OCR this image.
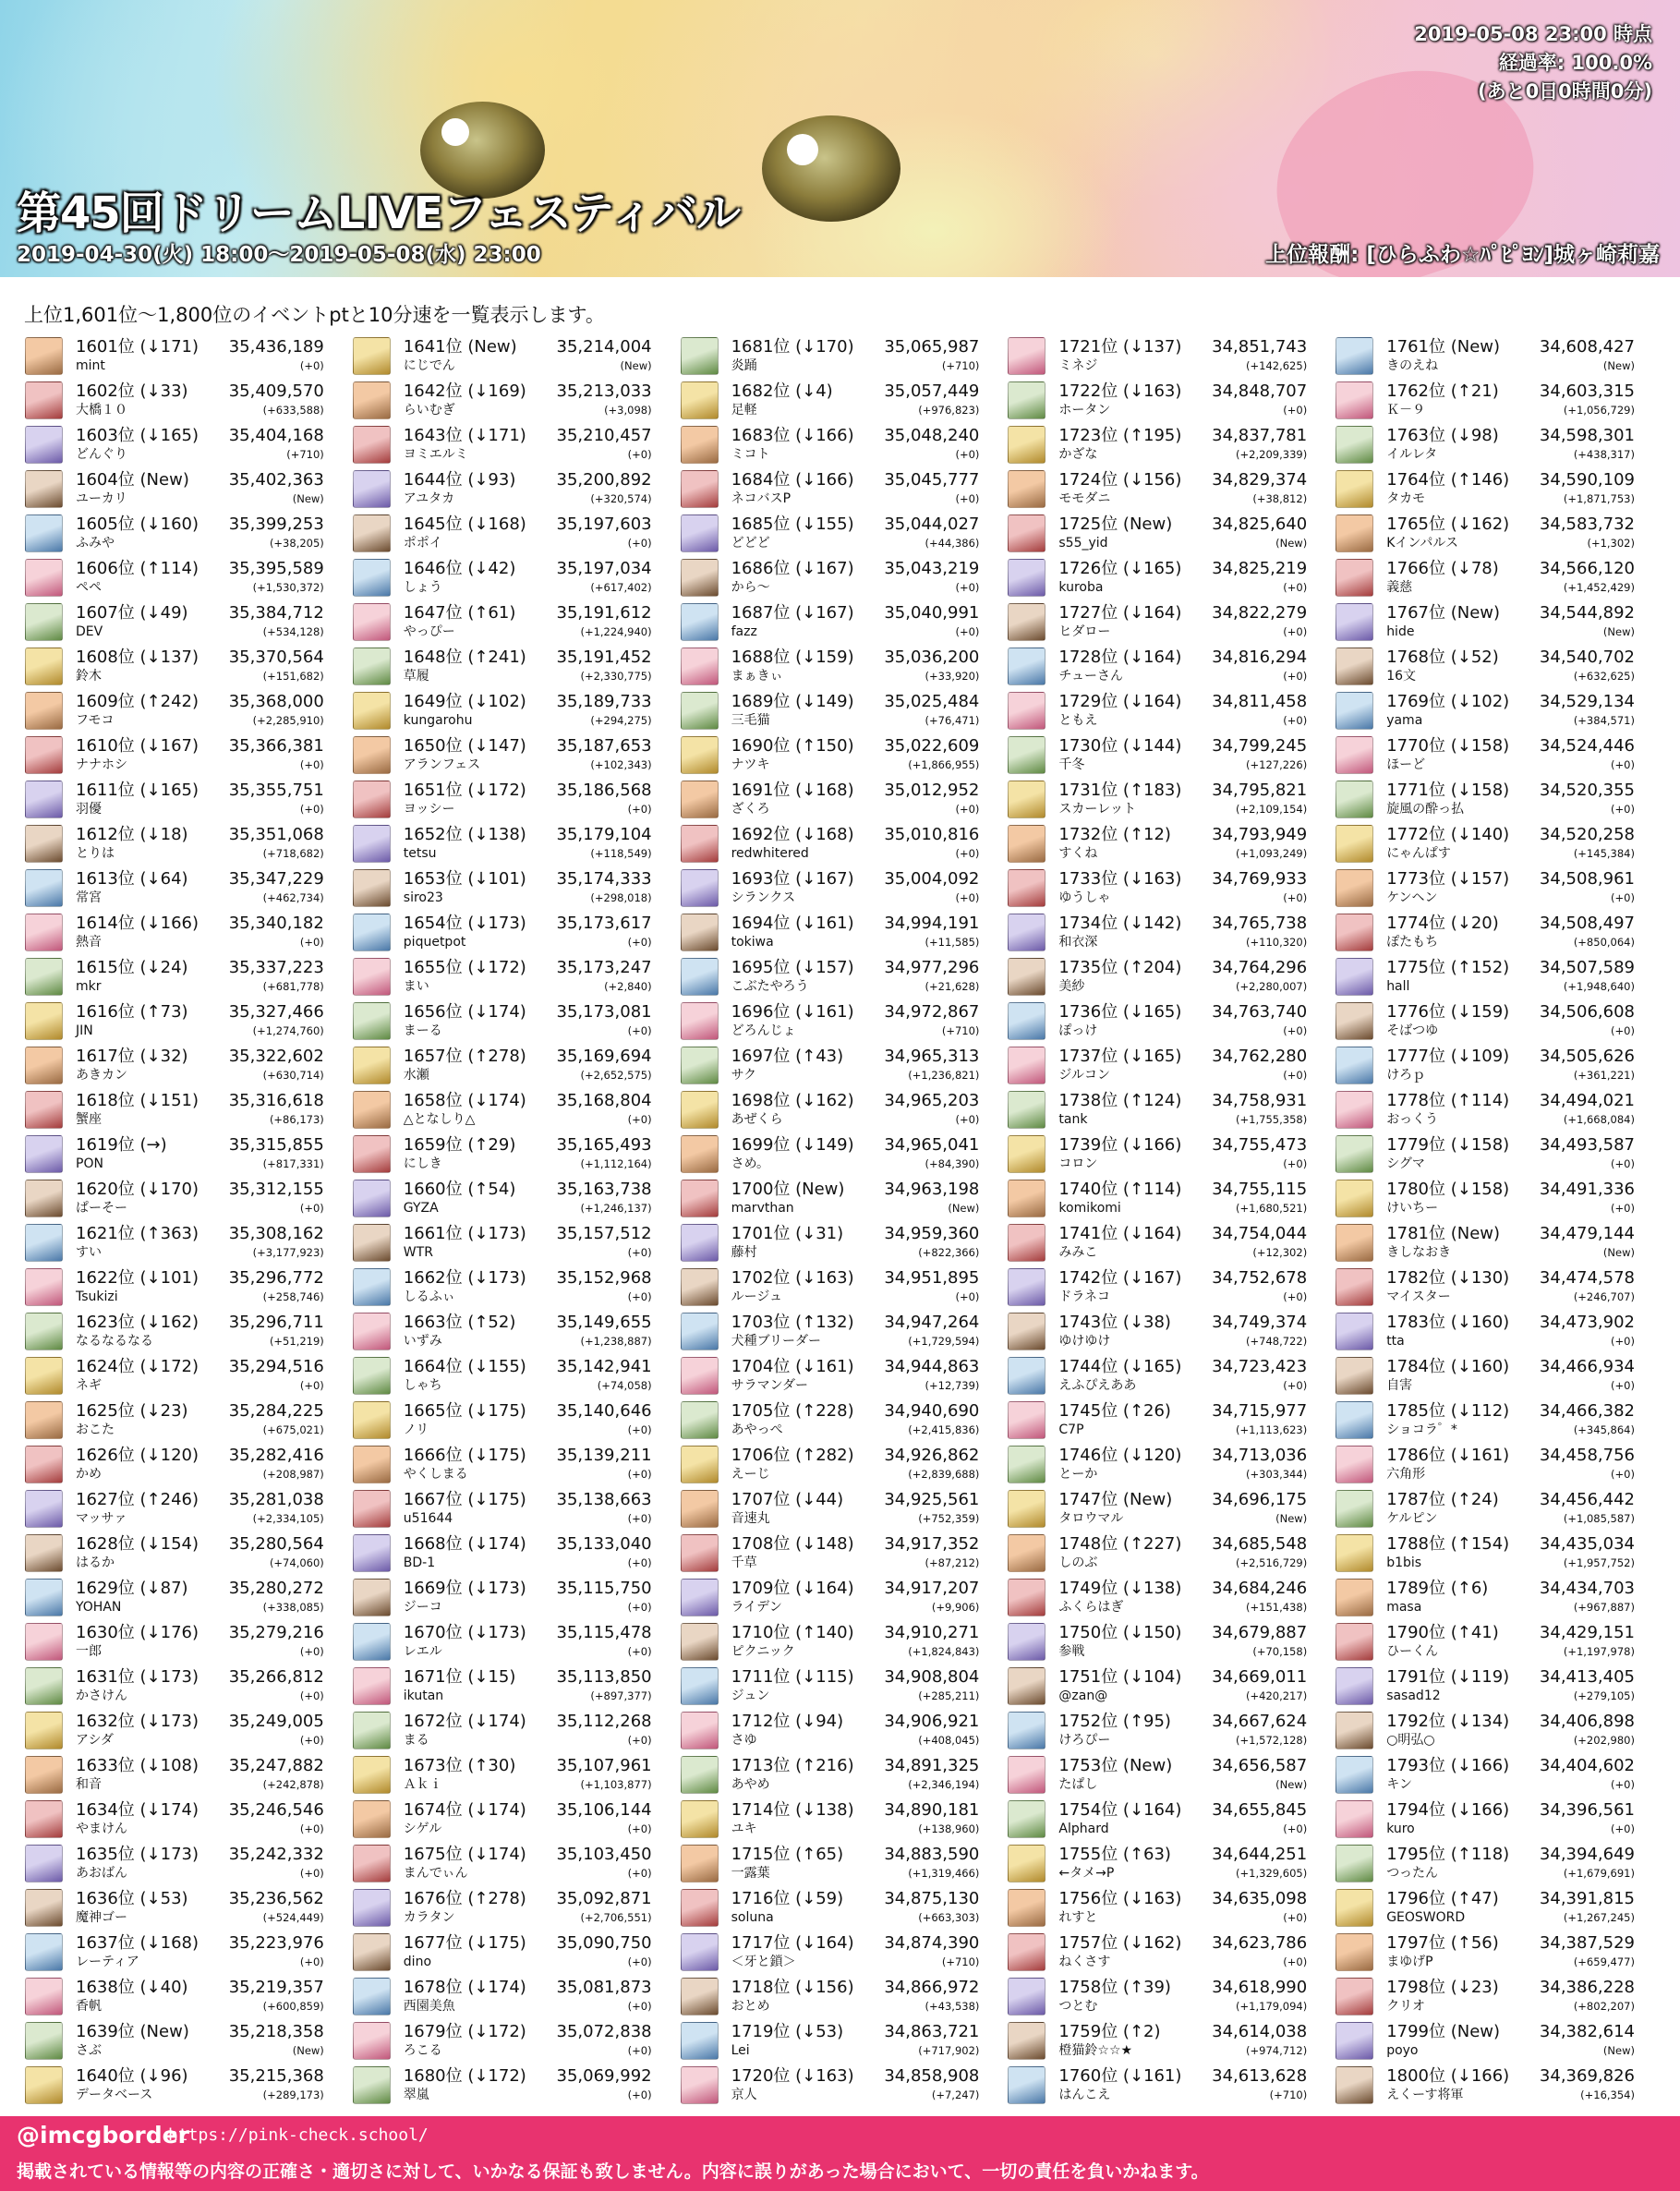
2019-05-08 23:00 時点
経過率: 100.0%
(あと0日0時間0分)
第45回ドリームLIVEフェスティバル
2019-04-30(火) 18:00～2019-05-08(水) 23:00	上位報酬: [ひらふわ☆ﾊﾟﾋﾟﾖﾝ]城ヶ崎莉嘉
上位1,601位～1,800位のイベントptと10分速を一覧表示します。
1601位 (↓171) 35,436,189
mint	(+0)
1602位 (↓33) 35,409,570
大橋１０	(+633,588)
1603位 (↓165) 35,404,168
どんぐり	(+710)
1604位 (New) 35,402,363
ユーカリ	(New)
1605位 (↓160) 35,399,253
ふみや	(+38,205)
1606位 (↑114) 35,395,589
ペペ	(+1,530,372)
1607位 (↓49) 35,384,712
DEV	(+534,128)
1608位 (↓137) 35,370,564
鈴木	(+151,682)
1609位 (↑242) 35,368,000
フモコ	(+2,285,910)
1610位 (↓167) 35,366,381
ナナホシ	(+0)
1611位 (↓165) 35,355,751
羽優	(+0)
1612位 (↓18) 35,351,068
とりは	(+718,682)
1613位 (↓64) 35,347,229
常宮	(+462,734)
1614位 (↓166) 35,340,182
熱音	(+0)
1615位 (↓24) 35,337,223
mkr	(+681,778)
1616位 (↑73) 35,327,466
JIN	(+1,274,760)
1617位 (↓32) 35,322,602
あきカン	(+630,714)
1618位 (↓151) 35,316,618
蟹座	(+86,173)
1619位 (→)	35,315,855
PON	(+817,331)
1620位 (↓170) 35,312,155
ぱーそー	(+0)
1621位 (↑363) 35,308,162
すい	(+3,177,923)
1622位 (↓101) 35,296,772
Tsukizi	(+258,746)
1623位 (↓162) 35,296,711
なるなるなる	(+51,219)
1624位 (↓172) 35,294,516
ネギ	(+0)
1625位 (↓23) 35,284,225
おこた	(+675,021)
1626位 (↓120) 35,282,416
かめ	(+208,987)
1627位 (↑246) 35,281,038
マッサァ	(+2,334,105)
1628位 (↓154) 35,280,564
はるか	(+74,060)
1629位 (↓87) 35,280,272
YOHAN	(+338,085)
1630位 (↓176) 35,279,216
一郎	(+0)
1631位 (↓173) 35,266,812
かさけん	(+0)
1632位 (↓173) 35,249,005
アシダ	(+0)
1633位 (↓108) 35,247,882
和音	(+242,878)
1634位 (↓174) 35,246,546
やまけん	(+0)
1635位 (↓173) 35,242,332
あおばん	(+0)
1636位 (↓53) 35,236,562
魔神ゴー	(+524,449)
1637位 (↓168) 35,223,976
レーティア	(+0)
1638位 (↓40) 35,219,357
香帆	(+600,859)
1639位 (New) 35,218,358
さぶ	(New)
1640位 (↓96) 35,215,368
データベース	(+289,173)
1641位 (New) 35,214,004
にじでん	(New)
1642位 (↓169) 35,213,033
らいむぎ	(+3,098)
1643位 (↓171) 35,210,457
ヨミエルミ	(+0)
1644位 (↓93) 35,200,892
アユタカ	(+320,574)
1645位 (↓168) 35,197,603
ポポイ	(+0)
1646位 (↓42) 35,197,034
しょう	(+617,402)
1647位 (↑61) 35,191,612
やっぴー	(+1,224,940)
1648位 (↑241) 35,191,452
草履	(+2,330,775)
1649位 (↓102) 35,189,733
kungarohu	(+294,275)
1650位 (↓147) 35,187,653
アランフェス	(+102,343)
1651位 (↓172) 35,186,568
ヨッシー	(+0)
1652位 (↓138) 35,179,104
tetsu	(+118,549)
1653位 (↓101) 35,174,333
siro23	(+298,018)
1654位 (↓173) 35,173,617
piquetpot	(+0)
1655位 (↓172) 35,173,247
まい	(+2,840)
1656位 (↓174) 35,173,081
まーる	(+0)
1657位 (↑278) 35,169,694
水瀬	(+2,652,575)
1658位 (↓174) 35,168,804
△となしり△	(+0)
1659位 (↑29) 35,165,493
にしき	(+1,112,164)
1660位 (↑54) 35,163,738
GYZA	(+1,246,137)
1661位 (↓173) 35,157,512
WTR	(+0)
1662位 (↓173) 35,152,968
しるふぃ	(+0)
1663位 (↑52) 35,149,655
いずみ	(+1,238,887)
1664位 (↓155) 35,142,941
しゃち	(+74,058)
1665位 (↓175) 35,140,646
ノリ	(+0)
1666位 (↓175) 35,139,211
やくしまる	(+0)
1667位 (↓175) 35,138,663
u51644	(+0)
1668位 (↓174) 35,133,040
BD-1	(+0)
1669位 (↓173) 35,115,750
ジーコ	(+0)
1670位 (↓173) 35,115,478
レエル	(+0)
1671位 (↓15) 35,113,850
ikutan	(+897,377)
1672位 (↓174) 35,112,268
まる	(+0)
1673位 (↑30) 35,107,961
Ａｋｉ	(+1,103,877)
1674位 (↓174) 35,106,144
シゲル	(+0)
1675位 (↓174) 35,103,450
まんでぃん	(+0)
1676位 (↑278) 35,092,871
カラタン	(+2,706,551)
1677位 (↓175) 35,090,750
dino	(+0)
1678位 (↓174) 35,081,873
西園美魚	(+0)
1679位 (↓172) 35,072,838
ろこる	(+0)
1680位 (↓172) 35,069,992
翠嵐	(+0)
1681位 (↓170) 35,065,987
炎踊	(+710)
1682位 (↓4)	35,057,449
足軽	(+976,823)
1683位 (↓166) 35,048,240
ミコト	(+0)
1684位 (↓166) 35,045,777
ネコバスP	(+0)
1685位 (↓155) 35,044,027
どどど	(+44,386)
1686位 (↓167) 35,043,219
から～	(+0)
1687位 (↓167) 35,040,991
fazz	(+0)
1688位 (↓159) 35,036,200
まぁきぃ	(+33,920)
1689位 (↓149) 35,025,484
三毛猫	(+76,471)
1690位 (↑150) 35,022,609
ナツキ	(+1,866,955)
1691位 (↓168) 35,012,952
ざくろ	(+0)
1692位 (↓168) 35,010,816
redwhitered	(+0)
1693位 (↓167) 35,004,092
シランクス	(+0)
1694位 (↓161) 34,994,191
tokiwa	(+11,585)
1695位 (↓157) 34,977,296
こぶたやろう	(+21,628)
1696位 (↓161) 34,972,867
どろんじょ	(+710)
1697位 (↑43) 34,965,313
サク	(+1,236,821)
1698位 (↓162) 34,965,203
あぜくら	(+0)
1699位 (↓149) 34,965,041
さめ。	(+84,390)
1700位 (New) 34,963,198
marvthan	(New)
1701位 (↓31) 34,959,360
藤村	(+822,366)
1702位 (↓163) 34,951,895
ルージュ	(+0)
1703位 (↑132) 34,947,264
犬種ブリーダー	(+1,729,594)
1704位 (↓161) 34,944,863
サラマンダー	(+12,739)
1705位 (↑228) 34,940,690
あやっぺ	(+2,415,836)
1706位 (↑282) 34,926,862
えーじ	(+2,839,688)
1707位 (↓44) 34,925,561
音速丸	(+752,359)
1708位 (↓148) 34,917,352
千草	(+87,212)
1709位 (↓164) 34,917,207
ライデン	(+9,906)
1710位 (↑140) 34,910,271
ピクニック	(+1,824,843)
1711位 (↓115) 34,908,804
ジュン	(+285,211)
1712位 (↓94) 34,906,921
さゆ	(+408,045)
1713位 (↑216) 34,891,325
あやめ	(+2,346,194)
1714位 (↓138) 34,890,181
ユキ	(+138,960)
1715位 (↑65) 34,883,590
一露葉	(+1,319,466)
1716位 (↓59) 34,875,130
soluna	(+663,303)
1717位 (↓164) 34,874,390
＜牙と鎖＞	(+710)
1718位 (↓156) 34,866,972
おとめ	(+43,538)
1719位 (↓53) 34,863,721
Lei	(+717,902)
1720位 (↓163) 34,858,908
京人	(+7,247)
1721位 (↓137) 34,851,743
ミネジ	(+142,625)
1722位 (↓163) 34,848,707
ホータン	(+0)
1723位 (↑195) 34,837,781
かざな	(+2,209,339)
1724位 (↓156) 34,829,374
モモダニ	(+38,812)
1725位 (New) 34,825,640
s55_yid	(New)
1726位 (↓165) 34,825,219
kuroba	(+0)
1727位 (↓164) 34,822,279
ヒダロー	(+0)
1728位 (↓164) 34,816,294
チューさん	(+0)
1729位 (↓164) 34,811,458
ともえ	(+0)
1730位 (↓144) 34,799,245
千冬	(+127,226)
1731位 (↑183) 34,795,821
スカーレット	(+2,109,154)
1732位 (↑12) 34,793,949
すくね	(+1,093,249)
1733位 (↓163) 34,769,933
ゆうしゃ	(+0)
1734位 (↓142) 34,765,738
和衣深	(+110,320)
1735位 (↑204) 34,764,296
美紗	(+2,280,007)
1736位 (↓165) 34,763,740
ぽっけ	(+0)
1737位 (↓165) 34,762,280
ジルコン	(+0)
1738位 (↑124) 34,758,931
tank	(+1,755,358)
1739位 (↓166) 34,755,473
コロン	(+0)
1740位 (↑114) 34,755,115
komikomi	(+1,680,521)
1741位 (↓164) 34,754,044
みみこ	(+12,302)
1742位 (↓167) 34,752,678
ドラネコ	(+0)
1743位 (↓38) 34,749,374
ゆけゆけ	(+748,722)
1744位 (↓165) 34,723,423
えふぴえああ	(+0)
1745位 (↑26) 34,715,977
C7P	(+1,113,623)
1746位 (↓120) 34,713,036
とーか	(+303,344)
1747位 (New) 34,696,175
タロウマル	(New)
1748位 (↑227) 34,685,548
しのぶ	(+2,516,729)
1749位 (↓138) 34,684,246
ふくらはぎ	(+151,438)
1750位 (↓150) 34,679,887
参戦	(+70,158)
1751位 (↓104) 34,669,011
@zan@	(+420,217)
1752位 (↑95) 34,667,624
けろぴー	(+1,572,128)
1753位 (New) 34,656,587
たぱし	(New)
1754位 (↓164) 34,655,845
Alphard	(+0)
1755位 (↑63) 34,644,251
←タメ→P	(+1,329,605)
1756位 (↓163) 34,635,098
れすと	(+0)
1757位 (↓162) 34,623,786
ねくさす	(+0)
1758位 (↑39) 34,618,990
つとむ	(+1,179,094)
1759位 (↑2)	34,614,038
橙猫鈴☆☆★	(+974,712)
1760位 (↓161) 34,613,628
はんこえ	(+710)
1761位 (New) 34,608,427
きのえね	(New)
1762位 (↑21) 34,603,315
Ｋ－９	(+1,056,729)
1763位 (↓98) 34,598,301
イルレタ	(+438,317)
1764位 (↑146) 34,590,109
タカモ	(+1,871,753)
1765位 (↓162) 34,583,732
Kインパルス	(+1,302)
1766位 (↓78) 34,566,120
義慈	(+1,452,429)
1767位 (New) 34,544,892
hide	(New)
1768位 (↓52) 34,540,702
16文	(+632,625)
1769位 (↓102) 34,529,134
yama	(+384,571)
1770位 (↓158) 34,524,446
ほーど	(+0)
1771位 (↓158) 34,520,355
旋風の酔っ払	(+0)
1772位 (↓140) 34,520,258
にゃんぱす	(+145,384)
1773位 (↓157) 34,508,961
ケンヘン	(+0)
1774位 (↓20) 34,508,497
ぽたもち	(+850,064)
1775位 (↑152) 34,507,589
hall	(+1,948,640)
1776位 (↓159) 34,506,608
そばつゆ	(+0)
1777位 (↓109) 34,505,626
けろｐ	(+361,221)
1778位 (↑114) 34,494,021
おっくう	(+1,668,084)
1779位 (↓158) 34,493,587
シグマ	(+0)
1780位 (↓158) 34,491,336
けいちー	(+0)
1781位 (New) 34,479,144
きしなおき	(New)
1782位 (↓130) 34,474,578
マイスター	(+246,707)
1783位 (↓160) 34,473,902
tta	(+0)
1784位 (↓160) 34,466,934
自害	(+0)
1785位 (↓112) 34,466,382
ショコラ゜*	(+345,864)
1786位 (↓161) 34,458,756
六角形	(+0)
1787位 (↑24) 34,456,442
ケルピン	(+1,085,587)
1788位 (↑154) 34,435,034
b1bis	(+1,957,752)
1789位 (↑6)	34,434,703
masa	(+967,887)
1790位 (↑41) 34,429,151
ひーくん	(+1,197,978)
1791位 (↓119) 34,413,405
sasad12	(+279,105)
1792位 (↓134) 34,406,898
○明弘○	(+202,980)
1793位 (↓166) 34,404,602
キン	(+0)
1794位 (↓166) 34,396,561
kuro	(+0)
1795位 (↑118) 34,394,649
つったん	(+1,679,691)
1796位 (↑47) 34,391,815
GEOSWORD	(+1,267,245)
1797位 (↑56) 34,387,529
まゆげP	(+659,477)
1798位 (↓23) 34,386,228
クリオ	(+802,207)
1799位 (New) 34,382,614
poyo	(New)
1800位 (↓166) 34,369,826
えくーす将軍	(+16,354)
@imcgborder
https://pink-check.school/
掲載されている情報等の内容の正確さ・適切さに対して、いかなる保証も致しません。内容に誤りがあった場合において、一切の責任を負いかねます。
